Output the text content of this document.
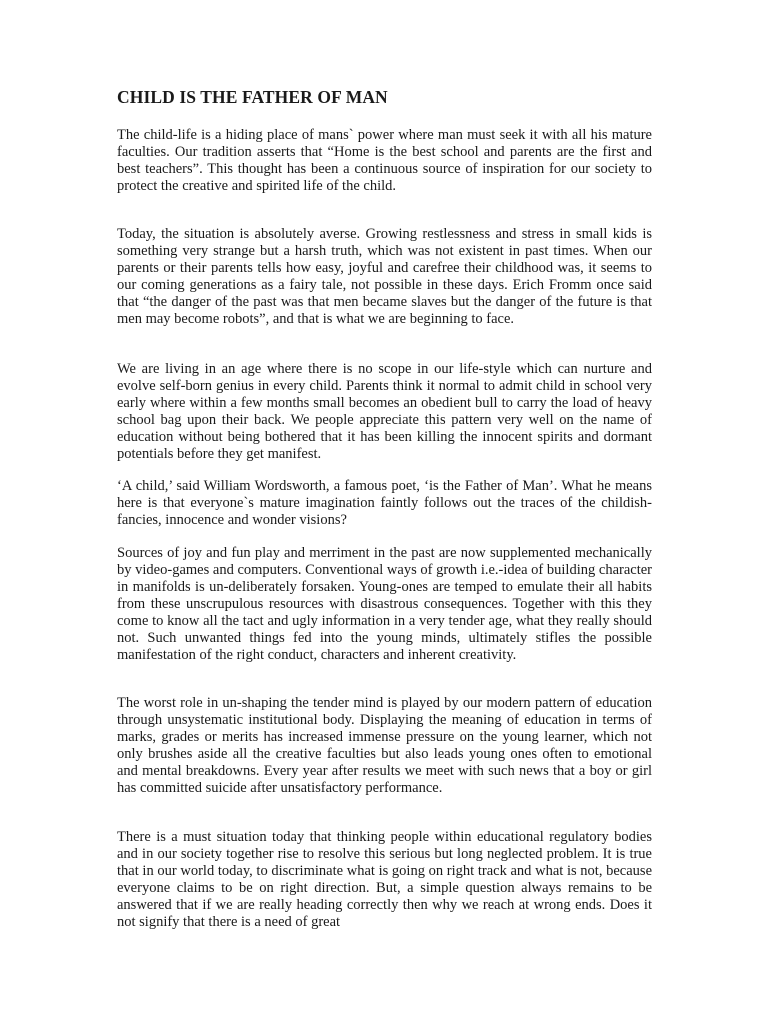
CHILD IS THE FATHER OF MAN

The child-life is a hiding place of mans` power where man must seek it with all his mature faculties. Our tradition asserts that “Home is the best school and parents are the first and best teachers”. This thought has been a continuous source of inspiration for our society to protect the creative and spirited life of the child.

Today, the situation is absolutely averse. Growing restlessness and stress in small kids is something very strange but a harsh truth, which was not existent in past times. When our parents or their parents tells how easy, joyful and carefree their childhood was, it seems to our coming generations as a fairy tale, not possible in these days. Erich Fromm once said that “the danger of the past was that men became slaves but the danger of the future is that men may become robots”, and that is what we are beginning to face.

We are living in an age where there is no scope in our life-style which can nurture and evolve self-born genius in every child. Parents think it normal to admit child in school very early where within a few months small becomes an obedient bull to carry the load of heavy school bag upon their back. We people appreciate this pattern very well on the name of education without being bothered that it has been killing the innocent spirits and dormant potentials before they get manifest.

‘A child,’ said William Wordsworth, a famous poet, ‘is the Father of Man’. What he means here is that everyone`s mature imagination faintly follows out the traces of the childish-fancies, innocence and wonder visions?

Sources of joy and fun play and merriment in the past are now supplemented mechanically by video-games and computers. Conventional ways of growth i.e.-idea of building character in manifolds is un-deliberately forsaken. Young-ones are temped to emulate their all habits from these unscrupulous resources with disastrous consequences. Together with this they come to know all the tact and ugly information in a very tender age, what they really should not. Such unwanted things fed into the young minds, ultimately stifles the possible manifestation of the right conduct, characters and inherent creativity.

The worst role in un-shaping the tender mind is played by our modern pattern of education through unsystematic institutional body. Displaying the meaning of education in terms of marks, grades or merits has increased immense pressure on the young learner, which not only brushes aside all the creative faculties but also leads young ones often to emotional and mental breakdowns. Every year after results we meet with such news that a boy or girl has committed suicide after unsatisfactory performance.

There is a must situation today that thinking people within educational regulatory bodies and in our society together rise to resolve this serious but long neglected problem. It is true that in our world today, to discriminate what is going on right track and what is not, because everyone claims to be on right direction. But, a simple question always remains to be answered that if we are really heading correctly then why we reach at wrong ends. Does it not signify that there is a need of great
